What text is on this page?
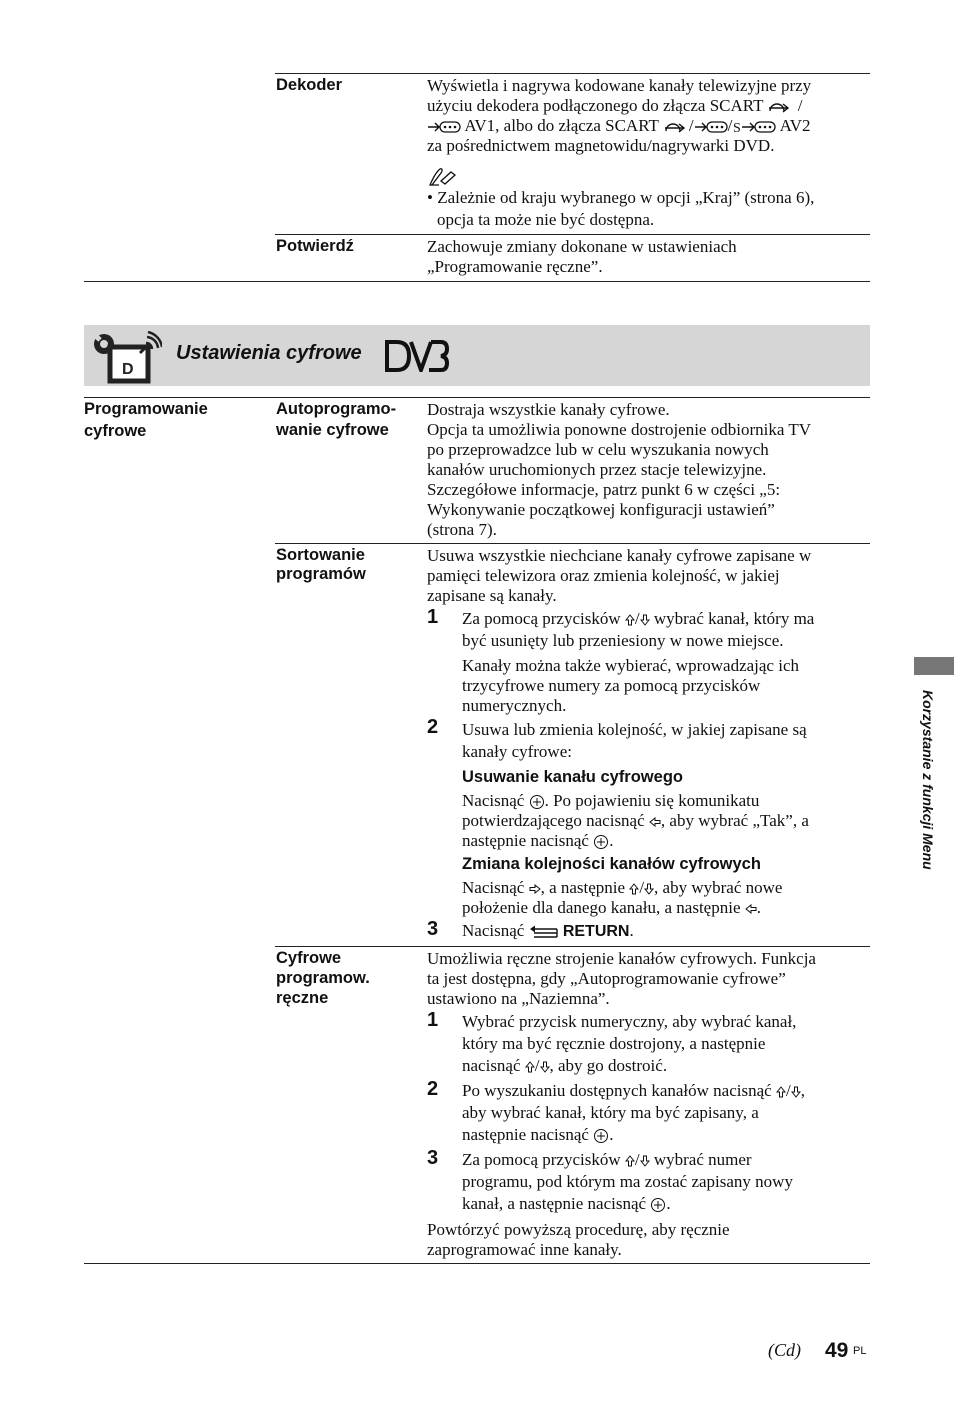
Dekoder	Wyświetla i nagrywa kodowane kanały telewizyjne przy
użyciu dekodera podłączonego do złącza SCART /
AV1, albo do złącza SCART / / S AV2
za pośrednictwem magnetowidu/nagrywarki DVD.
• Zależnie od kraju wybranego w opcji „Kraj” (strona 6),
opcja ta może nie być dostępna.
Potwierdź	Zachowuje zmiany dokonane w ustawieniach
„Programowanie ręczne”.
D
Ustawienia cyfrowe
Programowanie
cyfrowe
Autoprogramo-
wanie cyfrowe
Dostraja wszystkie kanały cyfrowe.
Opcja ta umożliwia ponowne dostrojenie odbiornika TV
po przeprowadzce lub w celu wyszukania nowych
kanałów uruchomionych przez stacje telewizyjne.
Szczegółowe informacje, patrz punkt 6 w części „5:
Wykonywanie początkowej konfiguracji ustawień”
(strona 7).
Sortowanie
programów
Usuwa wszystkie niechciane kanały cyfrowe zapisane w
pamięci telewizora oraz zmienia kolejność, w jakiej
zapisane są kanały.
1 Za pomocą przycisków / wybrać kanał, który ma
być usunięty lub przeniesiony w nowe miejsce.
Kanały można także wybierać, wprowadzając ich
trzycyfrowe numery za pomocą przycisków
numerycznych.
2 Usuwa lub zmienia kolejność, w jakiej zapisane są
kanały cyfrowe:
Usuwanie kanału cyfrowego
Nacisnąć . Po pojawieniu się komunikatu
potwierdzającego nacisnąć , aby wybrać „Tak”, a
następnie nacisnąć .
Zmiana kolejności kanałów cyfrowych
Nacisnąć , a następnie / , aby wybrać nowe
położenie dla danego kanału, a następnie .
3 Nacisnąć RETURN.
Cyfrowe
programow.
ręczne
Umożliwia ręczne strojenie kanałów cyfrowych. Funkcja
ta jest dostępna, gdy „Autoprogramowanie cyfrowe”
ustawiono na „Naziemna”.
1 Wybrać przycisk numeryczny, aby wybrać kanał,
który ma być ręcznie dostrojony, a następnie
nacisnąć / , aby go dostroić.
2 Po wyszukaniu dostępnych kanałów nacisnąć / ,
aby wybrać kanał, który ma być zapisany, a
następnie nacisnąć .
3 Za pomocą przycisków / wybrać numer
programu, pod którym ma zostać zapisany nowy
kanał, a następnie nacisnąć .
Powtórzyć powyższą procedurę, aby ręcznie
zaprogramować inne kanały.
Korzystanie z funkcji Menu
(Cd) 49 PL
